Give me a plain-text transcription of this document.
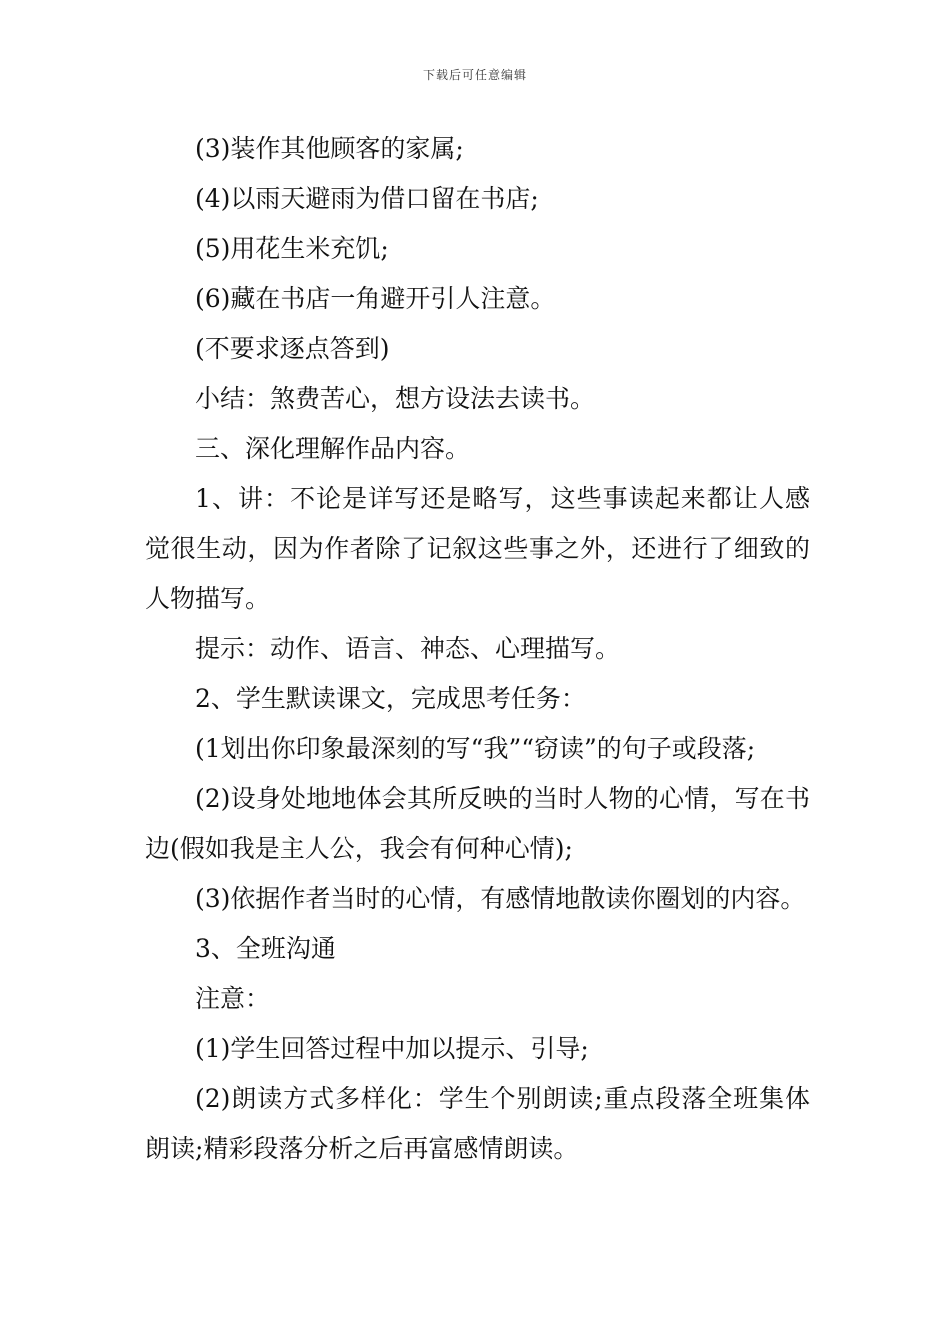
下载后可任意编辑

(3)装作其他顾客的家属;

(4)以雨天避雨为借口留在书店;

(5)用花生米充饥;

(6)藏在书店一角避开引人注意。

(不要求逐点答到)

小结：煞费苦心，想方设法去读书。

三、深化理解作品内容。

1、讲：不论是详写还是略写，这些事读起来都让人感觉很生动，因为作者除了记叙这些事之外，还进行了细致的人物描写。

提示：动作、语言、神态、心理描写。

2、学生默读课文，完成思考任务：

(1划出你印象最深刻的写“我”“窃读”的句子或段落;

(2)设身处地地体会其所反映的当时人物的心情，写在书边(假如我是主人公，我会有何种心情);

(3)依据作者当时的心情，有感情地散读你圈划的内容。

3、全班沟通

注意：

(1)学生回答过程中加以提示、引导;

(2)朗读方式多样化：学生个别朗读;重点段落全班集体朗读;精彩段落分析之后再富感情朗读。
